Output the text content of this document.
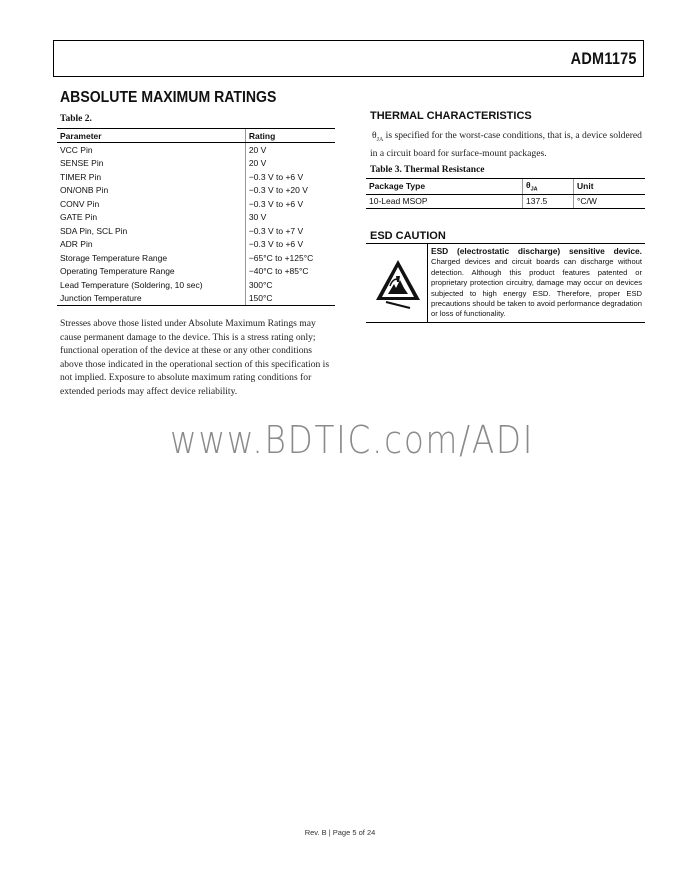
ADM1175
ABSOLUTE MAXIMUM RATINGS
Table 2.
Parameter	Rating
VCC Pin	20 V
SENSE Pin	20 V
TIMER Pin	−0.3 V to +6 V
ON/ONB Pin	−0.3 V to +20 V
CONV Pin	−0.3 V to +6 V
GATE Pin	30 V
SDA Pin, SCL Pin	−0.3 V to +7 V
ADR Pin	−0.3 V to +6 V
Storage Temperature Range	−65°C to +125°C
Operating Temperature Range	−40°C to +85°C
Lead Temperature (Soldering, 10 sec)	300°C
Junction Temperature	150°C
Stresses above those listed under Absolute Maximum Ratings may cause permanent damage to the device. This is a stress rating only; functional operation of the device at these or any other conditions above those indicated in the operational section of this specification is not implied. Exposure to absolute maximum rating conditions for extended periods may affect device reliability.
THERMAL CHARACTERISTICS
$\theta_{JA}$ is specified for the worst-case conditions, that is, a device soldered in a circuit board for surface-mount packages.
Table 3. Thermal Resistance
Package Type	$\theta_{JA}$	Unit
10-Lead MSOP	137.5	°C/W
ESD CAUTION
ESD (electrostatic discharge) sensitive device. Charged devices and circuit boards can discharge without detection. Although this product features patented or proprietary protection circuitry, damage may occur on devices subjected to high energy ESD. Therefore, proper ESD precautions should be taken to avoid performance degradation or loss of functionality.
www.BDTIC.com/ADI
Rev. B | Page 5 of 24
